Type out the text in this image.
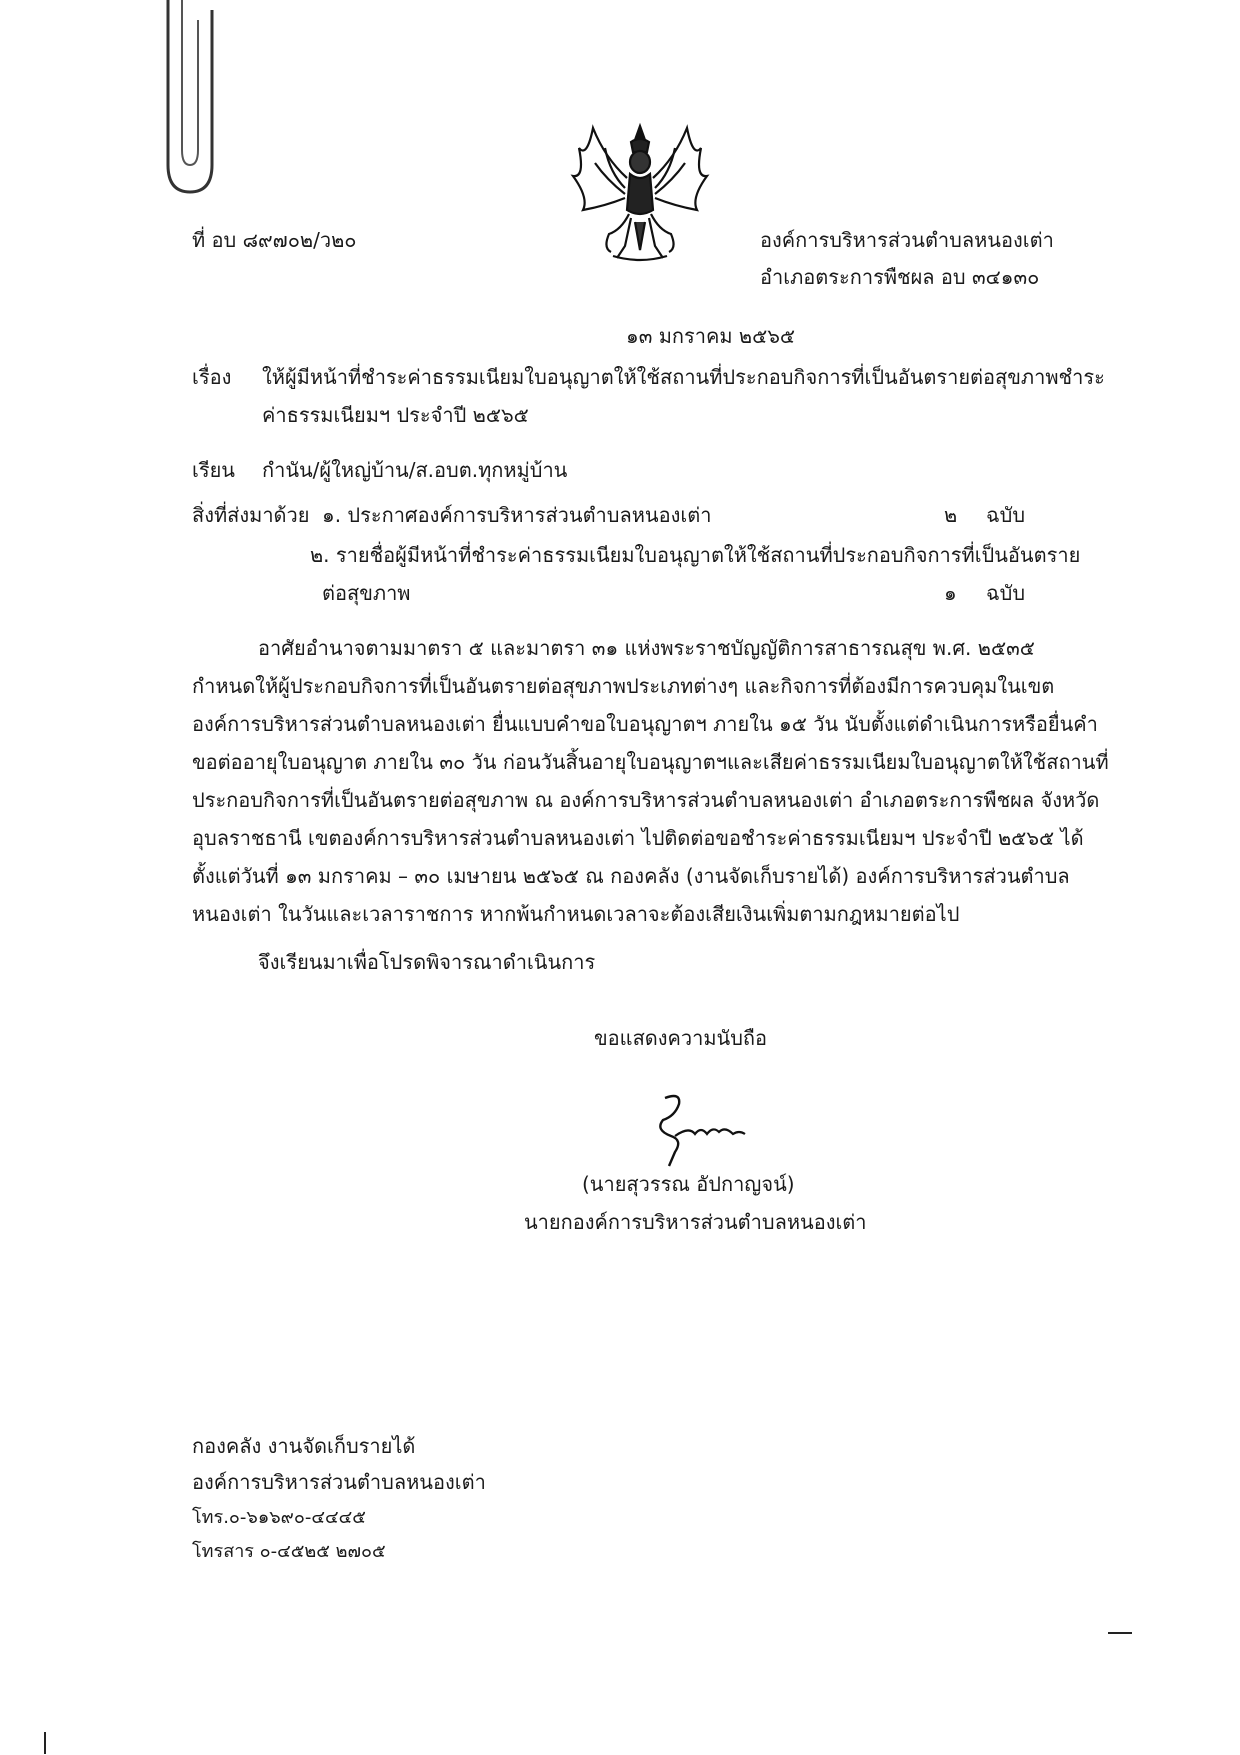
ที่ อบ ๘๙๗๐๒/ว๒๐	องค์การบริหารส่วนตำบลหนองเต่า
อำเภอตระการพืชผล อบ ๓๔๑๓๐
๑๓ มกราคม ๒๕๖๕
เรื่อง ให้ผู้มีหน้าที่ชำระค่าธรรมเนียมใบอนุญาตให้ใช้สถานที่ประกอบกิจการที่เป็นอันตรายต่อสุขภาพชำระ
ค่าธรรมเนียมฯ ประจำปี ๒๕๖๕
เรียน กำนัน/ผู้ใหญ่บ้าน/ส.อบต.ทุกหมู่บ้าน
สิ่งที่ส่งมาด้วย ๑. ประกาศองค์การบริหารส่วนตำบลหนองเต่า	๒ ฉบับ
๒. รายชื่อผู้มีหน้าที่ชำระค่าธรรมเนียมใบอนุญาตให้ใช้สถานที่ประกอบกิจการที่เป็นอันตราย
ต่อสุขภาพ	๑ ฉบับ
อาศัยอำนาจตามมาตรา ๕ และมาตรา ๓๑ แห่งพระราชบัญญัติการสาธารณสุข พ.ศ. ๒๕๓๕
กำหนดให้ผู้ประกอบกิจการที่เป็นอันตรายต่อสุขภาพประเภทต่างๆ และกิจการที่ต้องมีการควบคุมในเขต
องค์การบริหารส่วนตำบลหนองเต่า ยื่นแบบคำขอใบอนุญาตฯ ภายใน ๑๕ วัน นับตั้งแต่ดำเนินการหรือยื่นคำ
ขอต่ออายุใบอนุญาต ภายใน ๓๐ วัน ก่อนวันสิ้นอายุใบอนุญาตฯและเสียค่าธรรมเนียมใบอนุญาตให้ใช้สถานที่
ประกอบกิจการที่เป็นอันตรายต่อสุขภาพ ณ องค์การบริหารส่วนตำบลหนองเต่า อำเภอตระการพืชผล จังหวัด
อุบลราชธานี เขตองค์การบริหารส่วนตำบลหนองเต่า ไปติดต่อขอชำระค่าธรรมเนียมฯ ประจำปี ๒๕๖๕ ได้
ตั้งแต่วันที่ ๑๓ มกราคม – ๓๐ เมษายน ๒๕๖๕ ณ กองคลัง (งานจัดเก็บรายได้) องค์การบริหารส่วนตำบล
หนองเต่า ในวันและเวลาราชการ หากพ้นกำหนดเวลาจะต้องเสียเงินเพิ่มตามกฎหมายต่อไป
จึงเรียนมาเพื่อโปรดพิจารณาดำเนินการ
ขอแสดงความนับถือ
(นายสุวรรณ อัปกาญจน์)
นายกองค์การบริหารส่วนตำบลหนองเต่า
กองคลัง งานจัดเก็บรายได้
องค์การบริหารส่วนตำบลหนองเต่า
โทร.๐-๖๑๖๙๐-๔๔๔๕
โทรสาร ๐-๔๕๒๕ ๒๗๐๕
